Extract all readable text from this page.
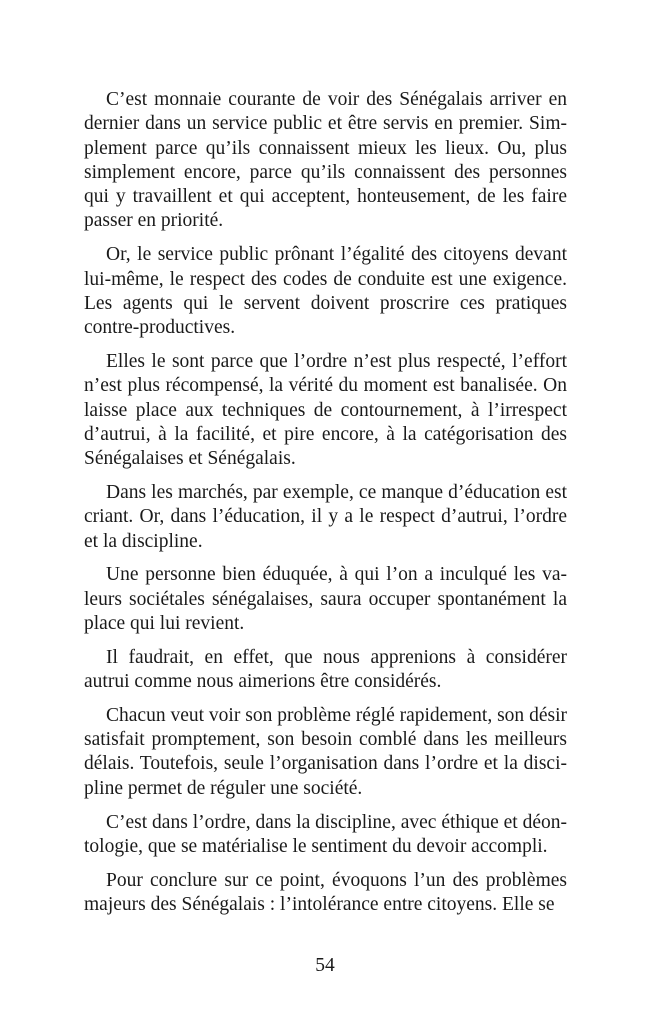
C’est monnaie courante de voir des Sénégalais arriver en dernier dans un service public et être servis en premier. Simplement parce qu’ils connaissent mieux les lieux. Ou, plus simplement encore, parce qu’ils connaissent des personnes qui y travaillent et qui acceptent, honteusement, de les faire passer en priorité.

Or, le service public prônant l’égalité des citoyens devant lui-même, le respect des codes de conduite est une exigence. Les agents qui le servent doivent proscrire ces pratiques contre-productives.

Elles le sont parce que l’ordre n’est plus respecté, l’effort n’est plus récompensé, la vérité du moment est banalisée. On laisse place aux techniques de contournement, à l’irrespect d’autrui, à la facilité, et pire encore, à la catégorisation des Sénégalaises et Sénégalais.

Dans les marchés, par exemple, ce manque d’éducation est criant. Or, dans l’éducation, il y a le respect d’autrui, l’ordre et la discipline.

Une personne bien éduquée, à qui l’on a inculqué les valeurs sociétales sénégalaises, saura occuper spontanément la place qui lui revient.

Il faudrait, en effet, que nous apprenions à considérer autrui comme nous aimerions être considérés.

Chacun veut voir son problème réglé rapidement, son désir satisfait promptement, son besoin comblé dans les meilleurs délais. Toutefois, seule l’organisation dans l’ordre et la discipline permet de réguler une société.

C’est dans l’ordre, dans la discipline, avec éthique et déontologie, que se matérialise le sentiment du devoir accompli.

Pour conclure sur ce point, évoquons l’un des problèmes majeurs des Sénégalais : l’intolérance entre citoyens. Elle se

54
